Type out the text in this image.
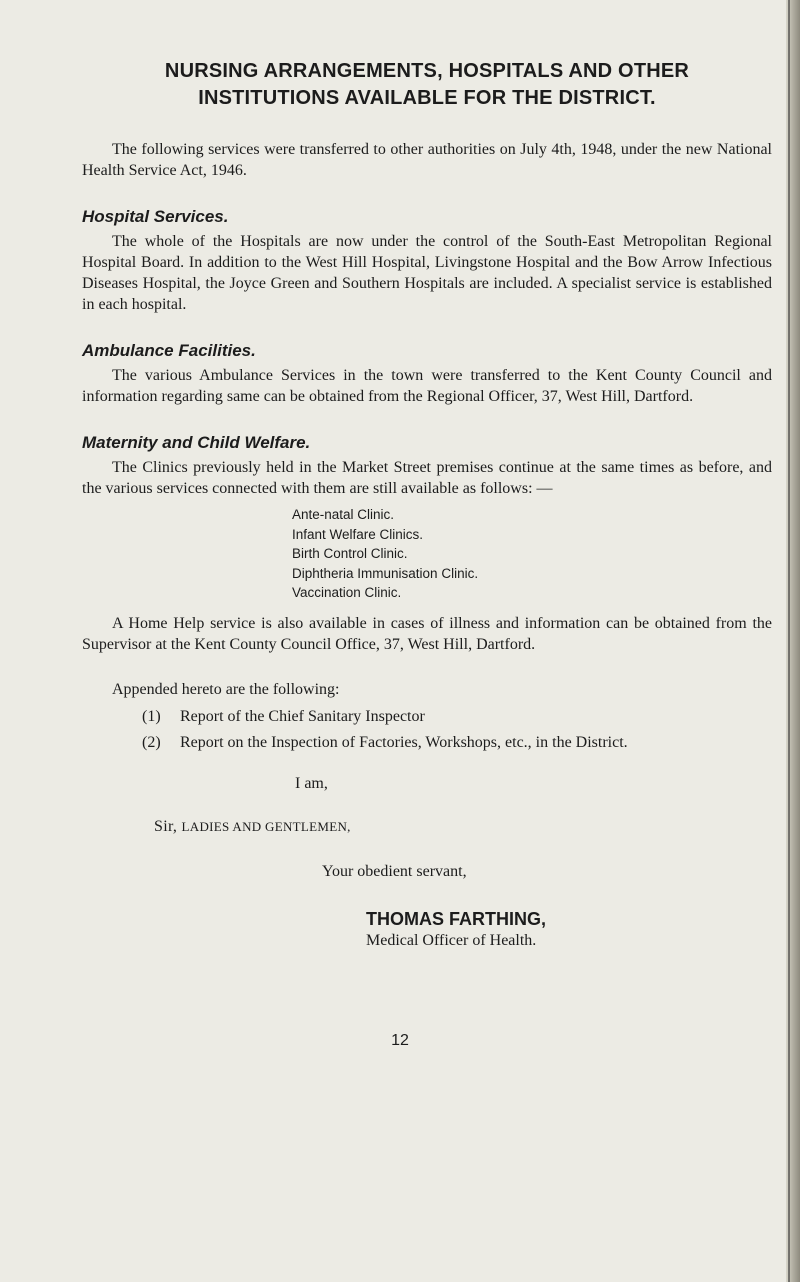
NURSING ARRANGEMENTS, HOSPITALS AND OTHER
INSTITUTIONS AVAILABLE FOR THE DISTRICT.

The following services were transferred to other authorities on July 4th, 1948, under the new National Health Service Act, 1946.

Hospital Services.

The whole of the Hospitals are now under the control of the South-East Metropolitan Regional Hospital Board. In addition to the West Hill Hospital, Livingstone Hospital and the Bow Arrow Infectious Diseases Hospital, the Joyce Green and Southern Hospitals are included. A specialist service is established in each hospital.

Ambulance Facilities.

The various Ambulance Services in the town were transferred to the Kent County Council and information regarding same can be obtained from the Regional Officer, 37, West Hill, Dartford.

Maternity and Child Welfare.

The Clinics previously held in the Market Street premises continue at the same times as before, and the various services connected with them are still available as follows: —

Ante-natal Clinic.
Infant Welfare Clinics.
Birth Control Clinic.
Diphtheria Immunisation Clinic.
Vaccination Clinic.

A Home Help service is also available in cases of illness and information can be obtained from the Supervisor at the Kent County Council Office, 37, West Hill, Dartford.

Appended hereto are the following:

(1)	Report of the Chief Sanitary Inspector
(2)	Report on the Inspection of Factories, Workshops, etc., in the District.
I am,
Sir, LADIES AND GENTLEMEN,
Your obedient servant,
THOMAS FARTHING,
Medical Officer of Health.
12
